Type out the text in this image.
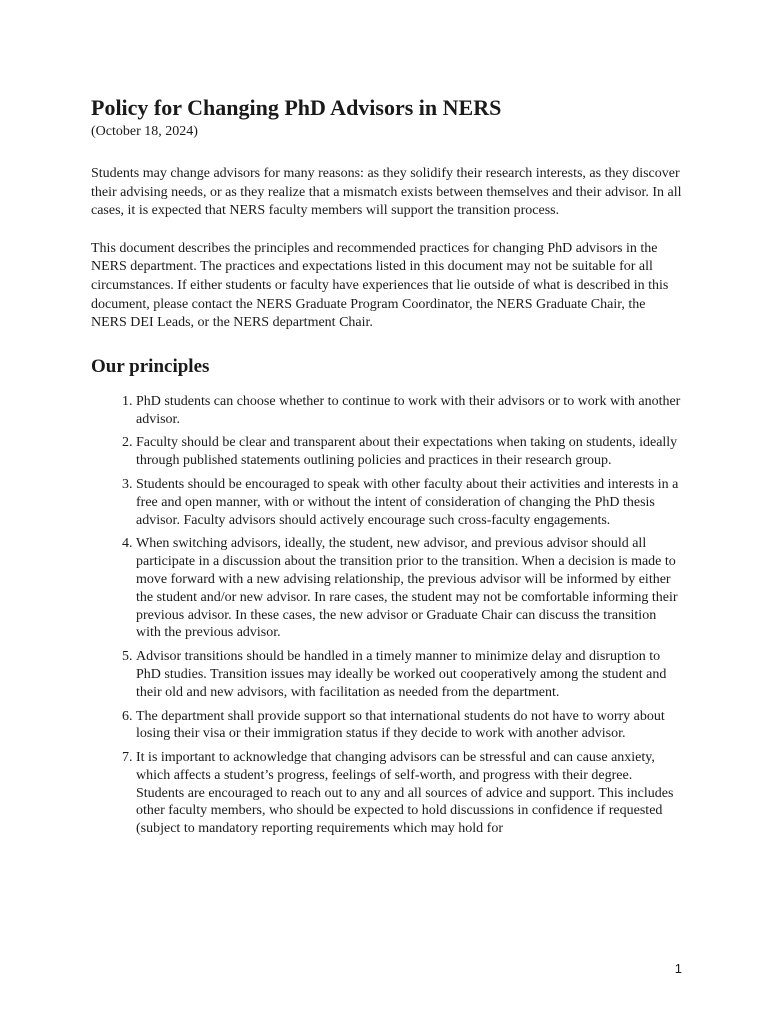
Policy for Changing PhD Advisors in NERS

(October 18, 2024)

Students may change advisors for many reasons: as they solidify their research interests, as they discover their advising needs, or as they realize that a mismatch exists between themselves and their advisor. In all cases, it is expected that NERS faculty members will support the transition process.

This document describes the principles and recommended practices for changing PhD advisors in the NERS department. The practices and expectations listed in this document may not be suitable for all circumstances. If either students or faculty have experiences that lie outside of what is described in this document, please contact the NERS Graduate Program Coordinator, the NERS Graduate Chair, the NERS DEI Leads, or the NERS department Chair.

Our principles
1. PhD students can choose whether to continue to work with their advisors or to work with another advisor.
2. Faculty should be clear and transparent about their expectations when taking on students, ideally through published statements outlining policies and practices in their research group.
3. Students should be encouraged to speak with other faculty about their activities and interests in a free and open manner, with or without the intent of consideration of changing the PhD thesis advisor. Faculty advisors should actively encourage such cross-faculty engagements.
4. When switching advisors, ideally, the student, new advisor, and previous advisor should all participate in a discussion about the transition prior to the transition. When a decision is made to move forward with a new advising relationship, the previous advisor will be informed by either the student and/or new advisor. In rare cases, the student may not be comfortable informing their previous advisor. In these cases, the new advisor or Graduate Chair can discuss the transition with the previous advisor.
5. Advisor transitions should be handled in a timely manner to minimize delay and disruption to PhD studies. Transition issues may ideally be worked out cooperatively among the student and their old and new advisors, with facilitation as needed from the department.
6. The department shall provide support so that international students do not have to worry about losing their visa or their immigration status if they decide to work with another advisor.
7. It is important to acknowledge that changing advisors can be stressful and can cause anxiety, which affects a student’s progress, feelings of self-worth, and progress with their degree. Students are encouraged to reach out to any and all sources of advice and support. This includes other faculty members, who should be expected to hold discussions in confidence if requested (subject to mandatory reporting requirements which may hold for
1
